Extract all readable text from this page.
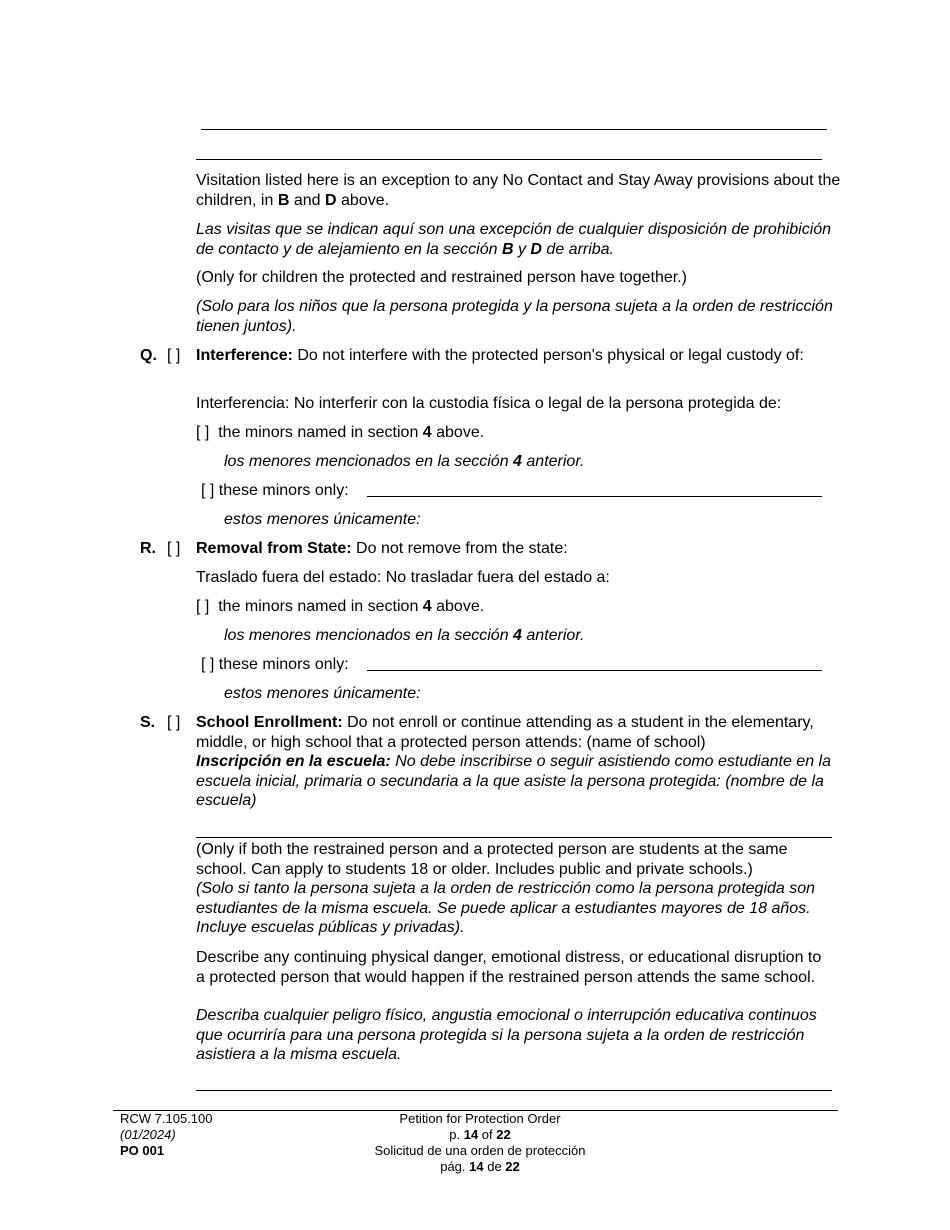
Visitation listed here is an exception to any No Contact and Stay Away provisions about the children, in B and D above.
Las visitas que se indican aquí son una excepción de cualquier disposición de prohibición de contacto y de alejamiento en la sección B y D de arriba.
(Only for children the protected and restrained person have together.)
(Solo para los niños que la persona protegida y la persona sujeta a la orden de restricción tienen juntos).
Q. [ ] Interference: Do not interfere with the protected person's physical or legal custody of:
Interferencia: No interferir con la custodia física o legal de la persona protegida de:
[ ] the minors named in section 4 above.
los menores mencionados en la sección 4 anterior.
[ ] these minors only:
estos menores únicamente:
R. [ ] Removal from State: Do not remove from the state:
Traslado fuera del estado: No trasladar fuera del estado a:
[ ] the minors named in section 4 above.
los menores mencionados en la sección 4 anterior.
[ ] these minors only:
estos menores únicamente:
S. [ ] School Enrollment: Do not enroll or continue attending as a student in the elementary, middle, or high school that a protected person attends: (name of school)
Inscripción en la escuela: No debe inscribirse o seguir asistiendo como estudiante en la escuela inicial, primaria o secundaria a la que asiste la persona protegida: (nombre de la escuela)
(Only if both the restrained person and a protected person are students at the same school. Can apply to students 18 or older. Includes public and private schools.)
(Solo si tanto la persona sujeta a la orden de restricción como la persona protegida son estudiantes de la misma escuela. Se puede aplicar a estudiantes mayores de 18 años. Incluye escuelas públicas y privadas).
Describe any continuing physical danger, emotional distress, or educational disruption to a protected person that would happen if the restrained person attends the same school.
Describa cualquier peligro físico, angustia emocional o interrupción educativa continuos que ocurriría para una persona protegida si la persona sujeta a la orden de restricción asistiera a la misma escuela.
RCW 7.105.100
(01/2024)
PO 001
Petition for Protection Order
p. 14 of 22
Solicitud de una orden de protección
pág. 14 de 22
